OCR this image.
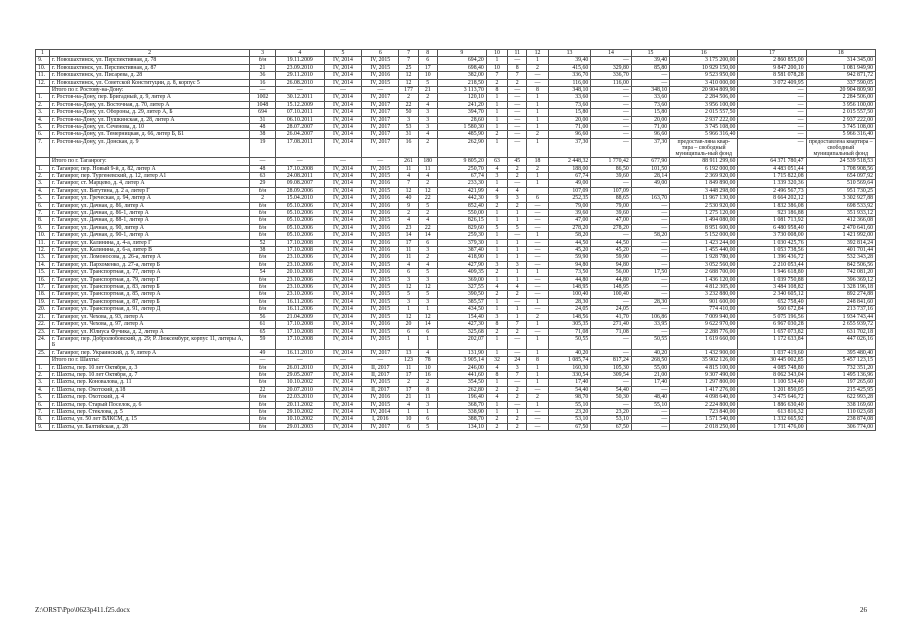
1	2	3	4	5	6	7	8	9	10	11	12	13	14	15	16	17	18
9.	г. Новошахтинск, ул. Перспективная, д. 78	б/н	19.11.2009	IV, 2014	IV, 2015	7	6	694,20	1	—	1	39,40	—	39,40	3 175 200,00	2 860 855,00	314 345,00
10.	г. Новошахтинск, ул. Перспективная, д. 87	21	23.09.2010	IV, 2014	IV, 2015	25	17	698,40	10	8	2	415,60	329,80	85,80	10 929 150,00	9 847 200,10	1 081 949,90
11.	г. Новошахтинск, ул. Писарева, д. 28	36	29.11.2010	IV, 2014	IV, 2016	12	10	382,00	7	7	—	336,70	336,70	—	9 523 950,00	8 581 078,28	942 871,72
12.	г. Новошахтинск, ул. Советской Конституции, д. 8, корпус 5	16	26.08.2010	IV, 2014	IV, 2015	12	5	218,50	2	2	—	116,00	116,00	—	3 410 000,00	3 072 409,95	337 590,05
	Итого по г. Ростову-на-Дону:	—	—	—	—	177	21	3 113,70	8	—	8	348,10	—	348,10	20 904 809,90	—	20 904 809,90
1.	г. Ростов-на-Дону, пер. Бригадный, д. 9, литер А	1002	30.12.2011	IV, 2014	IV, 2017	2	2	120,10	1	—	1	33,60	—	33,60	2 284 506,00	—	2 284 506,00
2.	г. Ростов-на-Дону, ул. Восточная, д. 70, литер А	1048	15.12.2009	IV, 2014	IV, 2017	22	4	241,20	1	—	1	73,60	—	73,60	3 956 100,00	—	3 956 100,00
3.	г. Ростов-на-Дону, ул. Обороны, д. 29, литер А, Б	694	07.10.2011	IV, 2014	IV, 2017	50	3	394,70	1	—	1	15,80	—	15,80	2 015 557,50	—	2 015 557,50
4.	г. Ростов-на-Дону, ул. Пушкинская, д. 28, литер А	31	06.10.2011	IV, 2014	IV, 2017	3	3	28,60	1	—	1	20,00	—	20,00	2 937 222,00	—	2 937 222,00
5.	г. Ростов-на-Дону, ул. Сеченова, д. 10	48	28.07.2007	IV, 2014	IV, 2017	53	3	1 580,30	1	—	1	71,00	—	71,00	3 745 108,00	—	3 745 108,00
6.	г. Ростов-на-Дону, ул. Темерницкая, д. 66, литер Б, Б1	38	26.04.2007	IV, 2014	IV, 2017	31	4	485,90	2	—	2	96,60	—	96,60	5 966 316,40	—	5 966 316,40
7.	г. Ростов-на-Дону, ул. Донская, д. 9	19	17.08.2011	IV, 2014	IV, 2017	16	2	262,90	1	—	1	37,30	—	37,30	предостав-ляна квар-тира – свободный муниципаль-ный фонд	—	предоставлена квартира – свободный муниципальный фонд
	Итого по г. Таганрогу:	—	—	—	—	261	180	9 805,20	63	45	18	2 448,32	1 770,42	677,90	88 911 299,60	64 371 780,47	24 539 518,53
1.	г. Таганрог, пер. Новый 9-й, д. 82, литер А	48	17.10.2008	IV, 2014	IV, 2015	11	11	250,70	4	2	2	188,00	86,50	101,50	6 192 000,00	4 483 051,44	1 708 908,56
2.	г. Таганрог, пер. Тургеневский, д. 12, литер А1	63	24.08.2011	IV, 2014	IV, 2015	4	4	67,74	3	2	1	67,74	39,60	28,14	2 369 920,00	1 715 822,08	654 097,92
3.	г. Таганрог, ст. Марцево, д. 4, литер А	29	09.08.2007	IV, 2014	IV, 2016	7	2	233,30	1	—	1	49,00	—	49,00	1 849 890,00	1 339 320,36	510 569,64
4.	г. Таганрог, ул. Ватутина, д. 2 а, литер Г	б/н	28.09.2006	IV, 2014	IV, 2015	12	12	421,99	4	4		107,09	107,09		3 448 298,00	2 496 567,73	951 730,25
5.	г. Таганрог, ул. Греческая, д. 94, литер А	2	15.04.2010	IV, 2014	IV, 2016	40	22	442,30	9	3	6	252,35	88,65	163,70	11 967 130,00	8 664 202,12	3 302 927,88
6.	г. Таганрог, ул. Дачная, д. 86, литер А	б/н	05.10.2006	IV, 2014	IV, 2016	9	5	852,40	2	2	—	79,00	79,00	—	2 530 920,00	1 832 386,08	698 533,92
7.	г. Таганрог, ул. Дачная, д. 86-1, литер А	б/н	05.10.2006	IV, 2014	IV, 2016	2	2	550,00	1	1	—	39,60	39,60	—	1 275 120,00	923 186,88	351 933,12
8.	г. Таганрог, ул. Дачная, д. 88-1, литер А	б/н	05.10.2006	IV, 2014	IV, 2015	4	4	826,15	1	1	—	47,00	47,00	—	1 494 080,00	1 081 713,92	412 366,08
9.	г. Таганрог, ул. Дачная, д. 90, литер А	б/н	05.10.2006	IV, 2014	IV, 2016	23	22	829,60	5	5	—	278,20	278,20	—	8 951 600,00	6 480 958,40	2 470 641,60
10.	г. Таганрог, ул. Дачная, д. 90-1, литер А	б/н	05.10.2006	IV, 2014	IV, 2015	14	14	259,30	1	—	1	58,20	—	58,20	5 152 000,00	3 730 008,00	1 421 992,00
11.	г. Таганрог, ул. Калинина, д. 4-а, литер Г	52	17.10.2008	IV, 2014	IV, 2016	17	6	379,30	1	1	—	44,50	44,50	—	1 423 244,00	1 030 425,76	392 814,24
12.	г. Таганрог, ул. Калинина, д. 6-а, литер В	38	17.10.2008	IV, 2014	IV, 2016	11	3	387,40	1	1	—	45,20	45,20	—	1 455 440,00	1 053 738,56	401 701,44
13.	г. Таганрог, ул. Ломоносова, д. 26-а, литер А	б/н	23.10.2006	IV, 2014	IV, 2016	11	2	418,90	1	1	—	59,90	59,90	—	1 928 780,00	1 396 436,72	532 343,28
14.	г. Таганрог, ул. Пархоменко, д. 27-а, литер Б	б/н	23.10.2006	IV, 2014	IV, 2015	4	4	427,90	3	3	—	94,80	94,80	—	3 052 560,00	2 210 053,44	842 506,56
15.	г. Таганрог, ул. Транспортная, д. 77, литер А	54	20.10.2008	IV, 2014	IV, 2016	6	5	409,35	2	1	1	73,50	56,00	17,50	2 688 700,00	1 946 618,80	742 081,20
16.	г. Таганрог, ул. Транспортная, д. 79, литер Г	б/н	23.10.2006	IV, 2014	IV, 2015	3	3	369,00	1	1	—	44,80	44,80	—	1 436 120,00	1 039 750,88	396 369,12
17.	г. Таганрог, ул. Транспортная, д. 83, литер Б	б/н	23.10.2006	IV, 2014	IV, 2015	12	12	327,55	4	4	—	148,95	148,95	—	4 812 305,00	3 484 108,82	1 328 196,18
18.	г. Таганрог, ул. Транспортная, д. 85, литер А	б/н	23.10.2006	IV, 2014	IV, 2015	5	5	390,50	2	2	—	100,40	100,40	—	3 232 880,00	2 340 605,12	892 274,88
19.	г. Таганрог, ул. Транспортная, д. 87, литер Б	б/н	16.11.2006	IV, 2014	IV, 2015	3	3	385,57	1	—	1	28,30	—	28,30	901 600,00	652 758,40	248 841,60
20.	г. Таганрог, ул. Транспортная, д. 91, литер Д	б/н	16.11.2006	IV, 2014	IV, 2015	1	1	434,50	1	1	—	24,05	24,05	—	774 410,00	560 672,84	213 737,16
21.	г. Таганрог, ул. Чехова, д. 93, литер А	56	21.04.2009	IV, 2014	IV, 2015	12	12	154,40	3	1	2	148,56	41,70	106,86	7 009 940,00	5 075 196,56	1 934 743,44
22.	г. Таганрог, ул. Чехова, д. 97, литер А	61	17.10.2008	IV, 2014	IV, 2016	20	14	427,30	8	7	1	305,35	271,40	33,95	9 622 970,00	6 967 030,28	2 655 939,72
23.	г. Таганрог, ул. Юлиуса Фучика, д. 2, литер А	65	17.10.2008	IV, 2014	IV, 2015	6	6	325,68	2	2	—	71,08	71,08	—	2 288 776,00	1 657 073,82	631 702,18
24.	г. Таганрог, пер. Добролюбовский, д. 29; Р. Люксембург, корпус 11, литеры А, Б	59	17.10.2008	IV, 2014	IV, 2015	1	1	202,07	1	—	1	50,55	—	50,55	1 619 660,00	1 172 633,84	447 026,16
25.	г. Таганрог, пер. Украинский, д. 9, литер А	49	16.11.2010	IV, 2014	IV, 2017	13	4	131,90	1	—	1	40,20	—	40,20	1 432 900,00	1 037 419,60	395 480,40
	Итого по г. Шахты:	—	—	—	—	123	78	3 905,14	32	24	8	1 085,74	817,24	268,50	35 902 126,00	30 445 002,85	5 457 123,15
1.	г. Шахты, пер. 10 лет Октября, д. 3	б/н	26.01.2010	IV, 2014	II, 2017	11	10	246,00	4	3	1	160,30	105,30	55,00	4 815 100,00	4 085 748,80	732 351,20
2.	г. Шахты, пер. 10 лет Октября, д. 7	б/н	29.05.2007	IV, 2014	II, 2017	17	16	441,60	8	7	1	330,54	309,54	21,00	9 307 490,00	8 062 343,04	1 495 136,96
3.	г. Шахты, пер. Коновалова, д. 11	б/н	10.10.2002	IV, 2014	IV, 2015	2	2	354,50	1	—	1	17,40	—	17,40	1 297 800,00	1 100 534,40	197 265,60
4.	г. Шахты, пер. Охотский, д.18	22	20.07.2010	IV, 2014	II, 2017	17	8	262,80	2	2	—	54,40	54,40	—	1 417 276,00	1 201 850,05	215 425,95
5.	г. Шахты, пер. Охотский, д. 4	б/н	22.03.2010	IV, 2014	IV, 2016	21	11	196,40	4	2	2	98,70	50,30	48,40	4 098 640,00	3 475 646,72	622 993,28
6.	г. Шахты, пер. Старый Поселок, д. 6	б/н	20.11.2002	IV, 2014	IV, 2015	4	3	368,70	1	—	1	55,10	—	55,10	2 224 800,00	1 886 630,40	338 169,60
7.	г. Шахты, пер. Стеклова, д. 5	б/н	29.10.2002	IV, 2014	IV, 2014	1	1	338,90	1	1	—	23,20	23,20	—	723 840,00	613 816,32	110 023,68
8.	г. Шахты, ул. 50 лет ВЛКСМ, д. 15	б/н	10.10.2002	IV, 2014	I, 2016	10	6	388,70	2	2	—	53,10	53,10	—	1 571 540,00	1 332 665,92	238 874,08
9.	г. Шахты, ул. Балтийская, д. 28	б/н	29.01.2003	IV, 2014	IV, 2017	6	5	134,10	2	2	—	67,50	67,50	—	2 018 250,00	1 711 476,00	306 774,00
Z:\ORST\Ppo\0623p411.f25.docx	26
